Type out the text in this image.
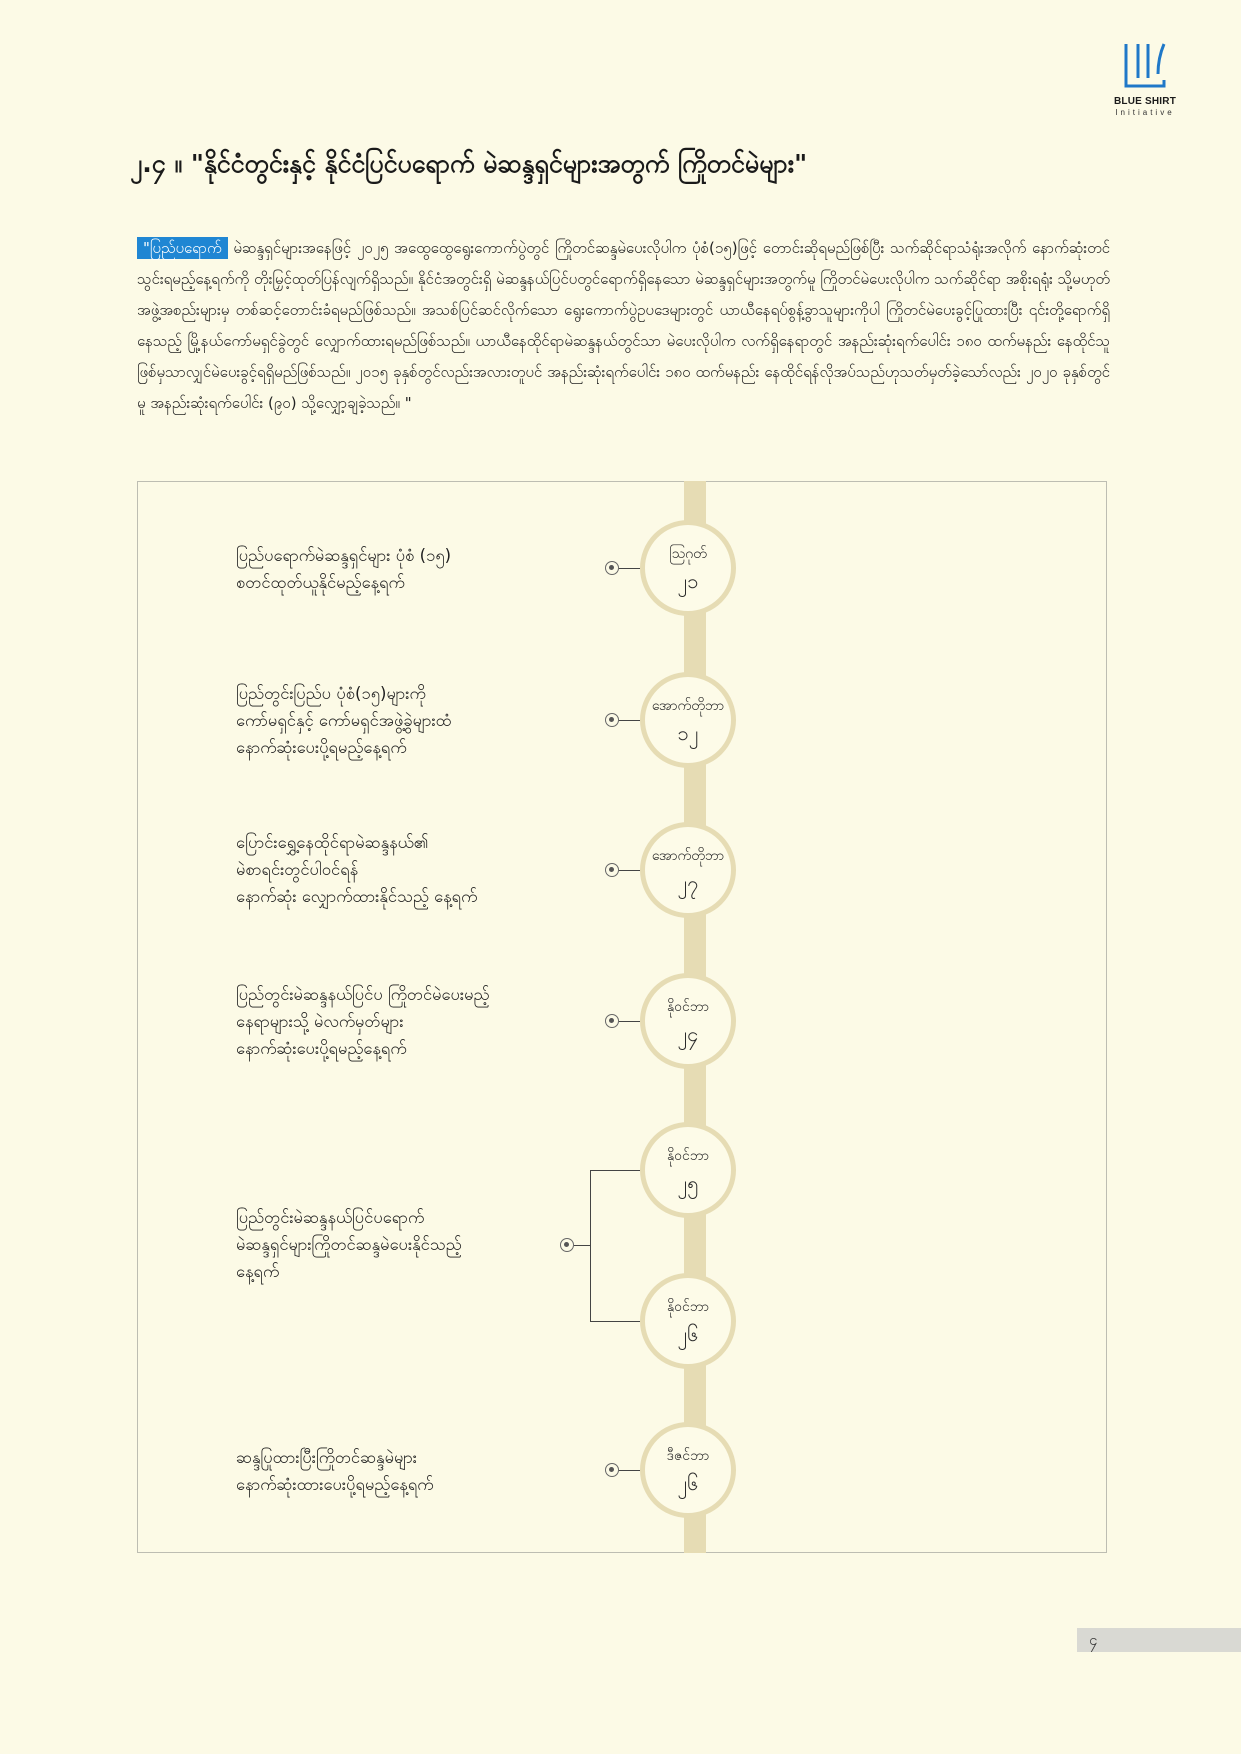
BLUE SHIRT
Initiative
၂.၄ ။ "နိုင်ငံတွင်းနှင့် နိုင်ငံပြင်ပရောက် မဲဆန္ဒရှင်များအတွက် ကြိုတင်မဲများ"
"ပြည်ပရောက် မဲဆန္ဒရှင်များအနေဖြင့် ၂၀၂၅ အထွေထွေရွေးကောက်ပွဲတွင် ကြိုတင်ဆန္ဒမဲပေးလိုပါက ပုံစံ(၁၅)ဖြင့် တောင်းဆိုရမည်ဖြစ်ပြီး သက်ဆိုင်ရာသံရုံးအလိုက် နောက်ဆုံးတင်သွင်းရမည့်နေ့ရက်ကို တိုးမြှင့်ထုတ်ပြန်လျက်ရှိသည်။ နိုင်ငံအတွင်းရှိ မဲဆန္ဒနယ်ပြင်ပတွင်ရောက်ရှိနေသော မဲဆန္ဒရှင်များအတွက်မူ ကြိုတင်မဲပေးလိုပါက သက်ဆိုင်ရာ အစိုးရရုံး သို့မဟုတ် အဖွဲ့အစည်းများမှ တစ်ဆင့်တောင်းခံရမည်ဖြစ်သည်။ အသစ်ပြင်ဆင်လိုက်သော ရွေးကောက်ပွဲဥပဒေများတွင် ယာယီနေရပ်စွန့်ခွာသူများကိုပါ ကြိုတင်မဲပေးခွင့်ပြုထားပြီး ၎င်းတို့ရောက်ရှိနေသည့် မြို့နယ်ကော်မရှင်ခွဲတွင် လျှောက်ထားရမည်ဖြစ်သည်။ ယာယီနေထိုင်ရာမဲဆန္ဒနယ်တွင်သာ မဲပေးလိုပါက လက်ရှိနေရာတွင် အနည်းဆုံးရက်ပေါင်း ၁၈၀ ထက်မနည်း နေထိုင်သူဖြစ်မှသာလျှင်မဲပေးခွင့်ရရှိမည်ဖြစ်သည်။ ၂၀၁၅ ခုနှစ်တွင်လည်းအလားတူပင် အနည်းဆုံးရက်ပေါင်း ၁၈၀ ထက်မနည်း နေထိုင်ရန်လိုအပ်သည်ဟုသတ်မှတ်ခဲ့သော်လည်း ၂၀၂၀ ခုနှစ်တွင်မူ အနည်းဆုံးရက်ပေါင်း (၉၀) သို့လျှော့ချခဲ့သည်။ "
ပြည်ပရောက်မဲဆန္ဒရှင်များ ပုံစံ (၁၅)
စတင်ထုတ်ယူနိုင်မည့်နေ့ရက်
ဩဂုတ်
၂၁
ပြည်တွင်းပြည်ပ ပုံစံ(၁၅)များကို
ကော်မရှင်နှင့် ကော်မရှင်အဖွဲ့ခွဲများထံ
နောက်ဆုံးပေးပို့ရမည့်နေ့ရက်
အောက်တိုဘာ
၁၂
ပြောင်းရွှေ့နေထိုင်ရာမဲဆန္ဒနယ်၏
မဲစာရင်းတွင်ပါဝင်ရန်
နောက်ဆုံး လျှောက်ထားနိုင်သည့် နေ့ရက်
အောက်တိုဘာ
၂၇
ပြည်တွင်းမဲဆန္ဒနယ်ပြင်ပ ကြိုတင်မဲပေးမည့်
နေရာများသို့ မဲလက်မှတ်များ
နောက်ဆုံးပေးပို့ရမည့်နေ့ရက်
နိုဝင်ဘာ
၂၄
ပြည်တွင်းမဲဆန္ဒနယ်ပြင်ပရောက်
မဲဆန္ဒရှင်များကြိုတင်ဆန္ဒမဲပေးနိုင်သည့်
နေ့ရက်
နိုဝင်ဘာ
၂၅
နိုဝင်ဘာ
၂၆
ဆန္ဒပြုထားပြီးကြိုတင်ဆန္ဒမဲများ
နောက်ဆုံးထားပေးပို့ရမည့်နေ့ရက်
ဒီဇင်ဘာ
၂၆
၄
